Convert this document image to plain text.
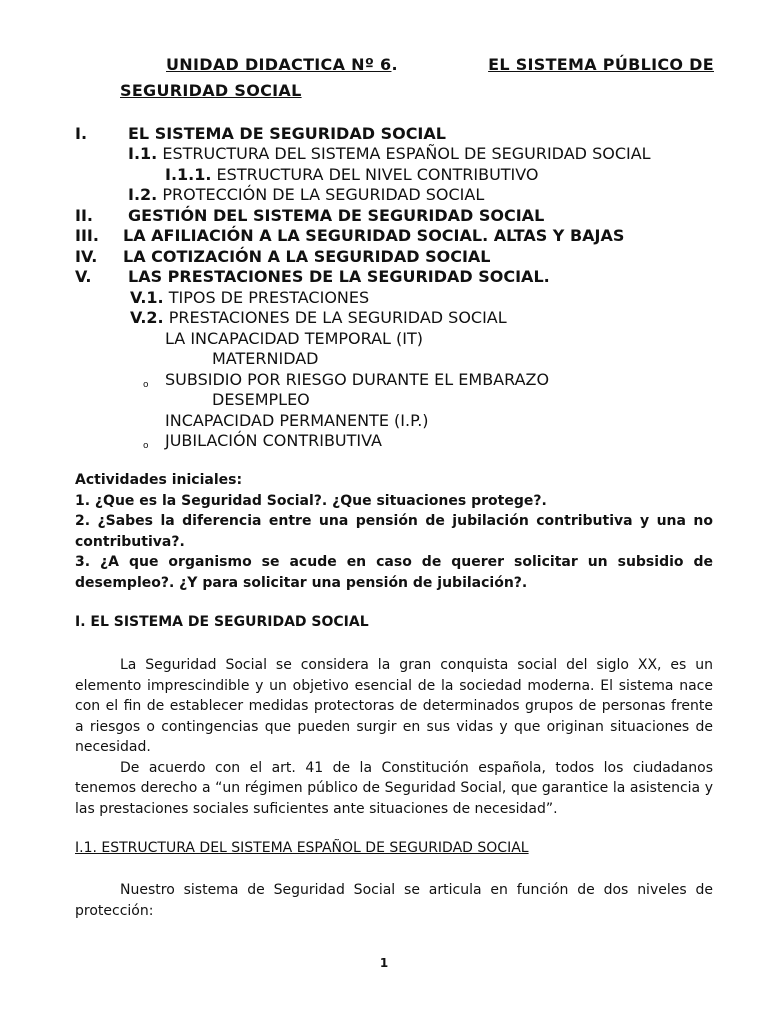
UNIDAD DIDACTICA Nº 6.	EL SISTEMA PÚBLICO DE
SEGURIDAD SOCIAL
I.	EL SISTEMA DE SEGURIDAD SOCIAL
I.1. ESTRUCTURA DEL SISTEMA ESPAÑOL DE SEGURIDAD SOCIAL
I.1.1. ESTRUCTURA DEL NIVEL CONTRIBUTIVO
I.2. PROTECCIÓN DE LA SEGURIDAD SOCIAL
II. GESTIÓN DEL SISTEMA DE SEGURIDAD SOCIAL
III. LA AFILIACIÓN A LA SEGURIDAD SOCIAL. ALTAS Y BAJAS
IV. LA COTIZACIÓN A LA SEGURIDAD SOCIAL
V. LAS PRESTACIONES DE LA SEGURIDAD SOCIAL.
V.1. TIPOS DE PRESTACIONES
V.2. PRESTACIONES DE LA SEGURIDAD SOCIAL
LA INCAPACIDAD TEMPORAL (IT)
MATERNIDAD
o SUBSIDIO POR RIESGO DURANTE EL EMBARAZO
DESEMPLEO
INCAPACIDAD PERMANENTE (I.P.)
o JUBILACIÓN CONTRIBUTIVA
Actividades iniciales:
1. ¿Que es la Seguridad Social?. ¿Que situaciones protege?.
2. ¿Sabes la diferencia entre una pensión de jubilación contributiva y una no contributiva?.
3. ¿A que organismo se acude en caso de querer solicitar un subsidio de desempleo?. ¿Y para solicitar una pensión de jubilación?.
I. EL SISTEMA DE SEGURIDAD SOCIAL
La Seguridad Social se considera la gran conquista social del siglo XX, es un elemento imprescindible y un objetivo esencial de la sociedad moderna. El sistema nace con el fin de establecer medidas protectoras de determinados grupos de personas frente a riesgos o contingencias que pueden surgir en sus vidas y que originan situaciones de necesidad.
De acuerdo con el art. 41 de la Constitución española, todos los ciudadanos tenemos derecho a “un régimen público de Seguridad Social, que garantice la asistencia y las prestaciones sociales suficientes ante situaciones de necesidad”.
I.1. ESTRUCTURA DEL SISTEMA ESPAÑOL DE SEGURIDAD SOCIAL
Nuestro sistema de Seguridad Social se articula en función de dos niveles de protección:
1
